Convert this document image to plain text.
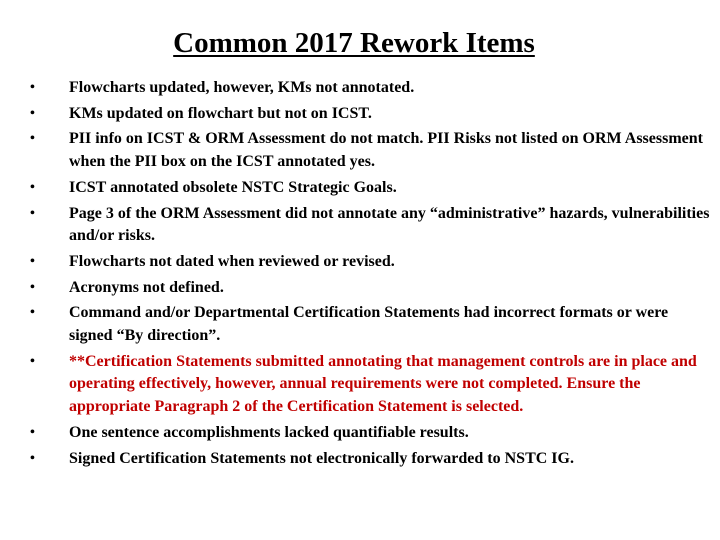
Common 2017 Rework Items
• Flowcharts updated, however, KMs not annotated.
• KMs updated on flowchart but not on ICST.
• PII info on ICST & ORM Assessment do not match. PII Risks not listed on ORM Assessment when the PII box on the ICST annotated yes.
• ICST annotated obsolete NSTC Strategic Goals.
• Page 3 of the ORM Assessment did not annotate any “administrative” hazards, vulnerabilities and/or risks.
• Flowcharts not dated when reviewed or revised.
• Acronyms not defined.
• Command and/or Departmental Certification Statements had incorrect formats or were signed “By direction”.
• **Certification Statements submitted annotating that management controls are in place and operating effectively, however, annual requirements were not completed. Ensure the appropriate Paragraph 2 of the Certification Statement is selected.
• One sentence accomplishments lacked quantifiable results.
• Signed Certification Statements not electronically forwarded to NSTC IG.
